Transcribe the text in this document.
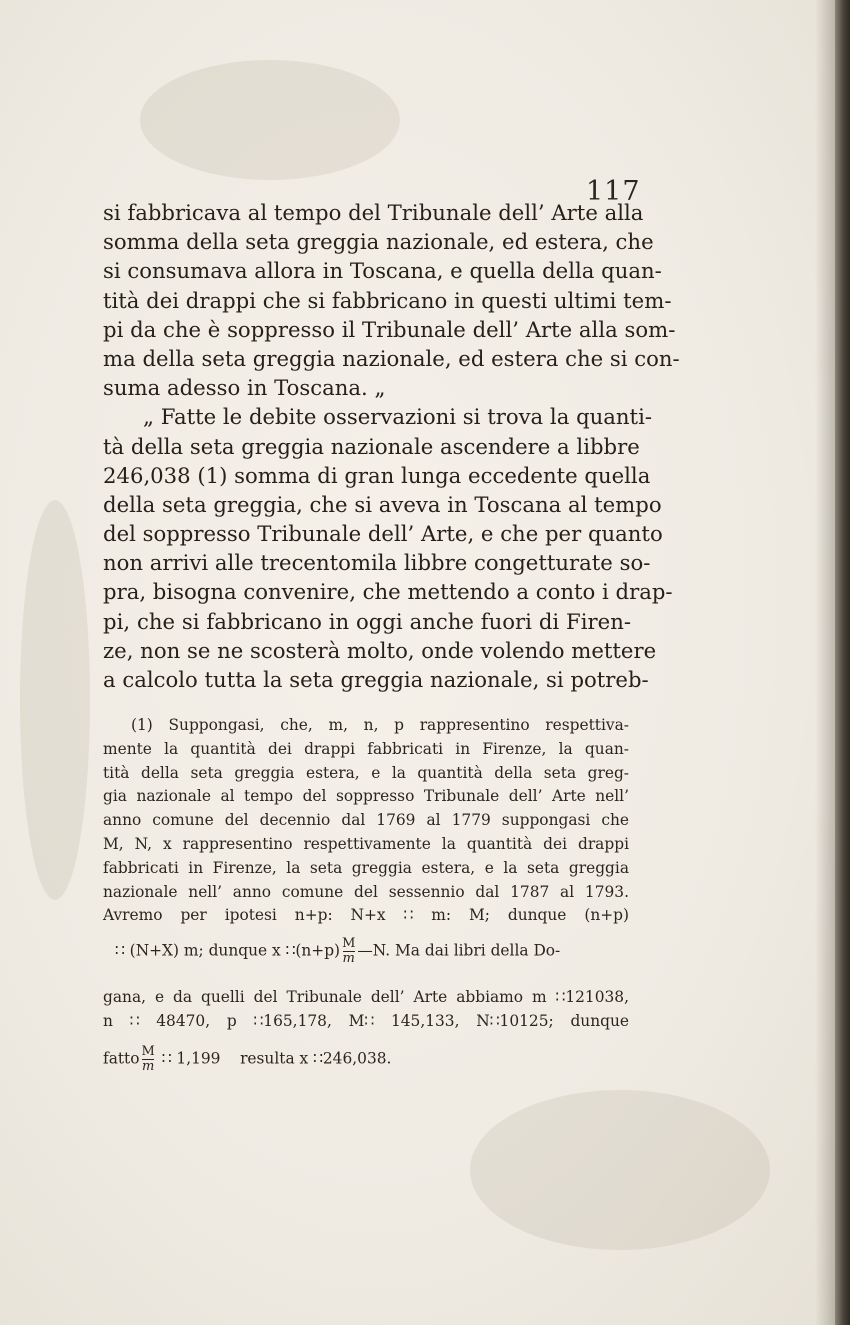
117
si fabbricava al tempo del Tribunale dell’ Arte alla
somma della seta greggia nazionale, ed estera, che
si consumava allora in Toscana, e quella della quan-
tità dei drappi che si fabbricano in questi ultimi tem-
pi da che è soppresso il Tribunale dell’ Arte alla som-
ma della seta greggia nazionale, ed estera che si con-
suma adesso in Toscana. „
„ Fatte le debite osservazioni si trova la quanti-
tà della seta greggia nazionale ascendere a libbre
246,038 (1) somma di gran lunga eccedente quella
della seta greggia, che si aveva in Toscana al tempo
del soppresso Tribunale dell’ Arte, e che per quanto
non arrivi alle trecentomila libbre congetturate so-
pra, bisogna convenire, che mettendo a conto i drap-
pi, che si fabbricano in oggi anche fuori di Firen-
ze, non se ne scosterà molto, onde volendo mettere
a calcolo tutta la seta greggia nazionale, si potreb-
(1) Suppongasi, che, m, n, p rappresentino respettiva-
mente la quantità dei drappi fabbricati in Firenze, la quan-
tità della seta greggia estera, e la quantità della seta greg-
gia nazionale al tempo del soppresso Tribunale dell’ Arte nell’
anno comune del decennio dal 1769 al 1779 suppongasi che
M, N, x rappresentino respettivamente la quantità dei drappi
fabbricati in Firenze, la seta greggia estera, e la seta greggia
nazionale nell’ anno comune del sessennio dal 1787 al 1793.
Avremo per ipotesi n+p: N+x ∷ m: M; dunque (n+p)
∷ (N+X) m; dunque x ∷(n+p) $\frac{M}{m}$ —N. Ma dai libri della Do-
gana, e da quelli del Tribunale dell’ Arte abbiamo m ∷121038,
n ∷ 48470, p ∷165,178, M∷ 145,133, N∷10125; dunque
fatto $\frac{M}{m}$ ∷ 1,199 resulta x ∷246,038.
